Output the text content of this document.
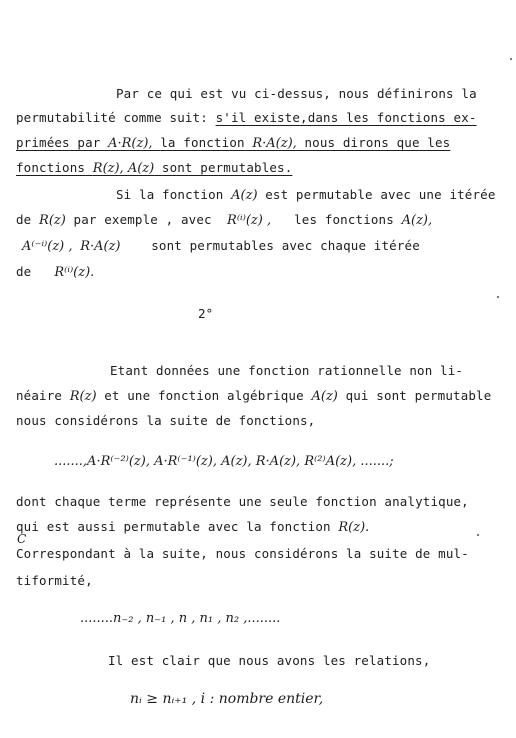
Par ce qui est vu ci-dessus, nous définirons la
permutabilité comme suit: s'il existe,dans les fonctions ex-
primées par A·R(z), la fonction R·A(z), nous dirons que les
fonctions R(z), A(z) sont permutables.
Si la fonction A(z) est permutable avec une itérée
de R(z) par exemple , avec R⁽ⁱ⁾(z) , les fonctions A(z),
A⁽⁻ⁱ⁾(z) , R·A(z) sont permutables avec chaque itérée
de R⁽ⁱ⁾(z).
2°
Etant données une fonction rationnelle non li-
néaire R(z) et une fonction algébrique A(z) qui sont permutable
nous considérons la suite de fonctions,
.......,A·R⁽⁻²⁾(z), A·R⁽⁻¹⁾(z), A(z), R·A(z), R⁽²⁾A(z), .......;
dont chaque terme représente une seule fonction analytique,
qui est aussi permutable avec la fonction R(z).
C
Correspondant à la suite, nous considérons la suite de mul-
tiformité,
........n₋₂ , n₋₁ , n , n₁ , n₂ ,........
Il est clair que nous avons les relations,
nᵢ ≥ nᵢ₊₁ , i : nombre entier,
